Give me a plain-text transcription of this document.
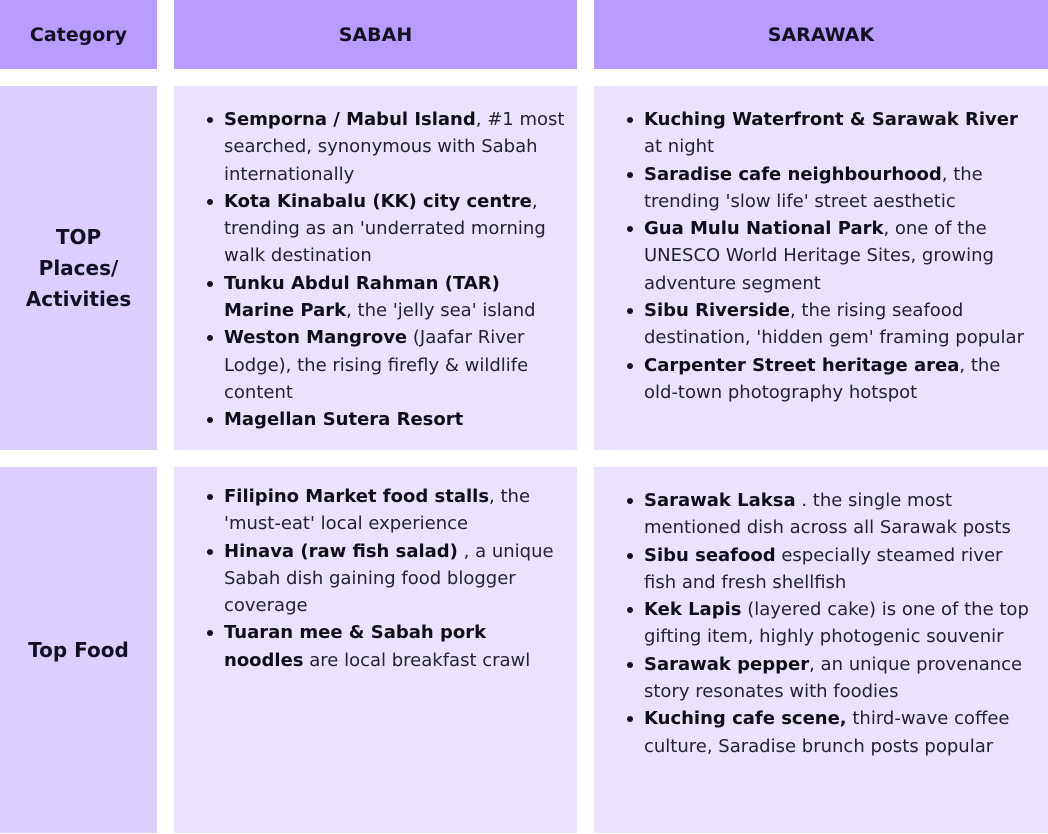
Category	SABAH	SARAWAK
TOP
Places/
Activities
Semporna / Mabul Island, #1 most searched, synonymous with Sabah internationally
Kota Kinabalu (KK) city centre, trending as an 'underrated morning walk destination
Tunku Abdul Rahman (TAR) Marine Park, the 'jelly sea' island
Weston Mangrove (Jaafar River Lodge), the rising firefly & wildlife content
Magellan Sutera Resort
Kuching Waterfront & Sarawak River at night
Saradise cafe neighbourhood, the trending 'slow life' street aesthetic
Gua Mulu National Park, one of the UNESCO World Heritage Sites, growing adventure segment
Sibu Riverside, the rising seafood destination, 'hidden gem' framing popular
Carpenter Street heritage area, the old-town photography hotspot
Top Food
Filipino Market food stalls, the 'must-eat' local experience
Hinava (raw fish salad) , a unique Sabah dish gaining food blogger coverage
Tuaran mee & Sabah pork noodles are local breakfast crawl
Sarawak Laksa . the single most mentioned dish across all Sarawak posts
Sibu seafood especially steamed river fish and fresh shellfish
Kek Lapis (layered cake) is one of the top gifting item, highly photogenic souvenir
Sarawak pepper, an unique provenance story resonates with foodies
Kuching cafe scene, third-wave coffee culture, Saradise brunch posts popular
